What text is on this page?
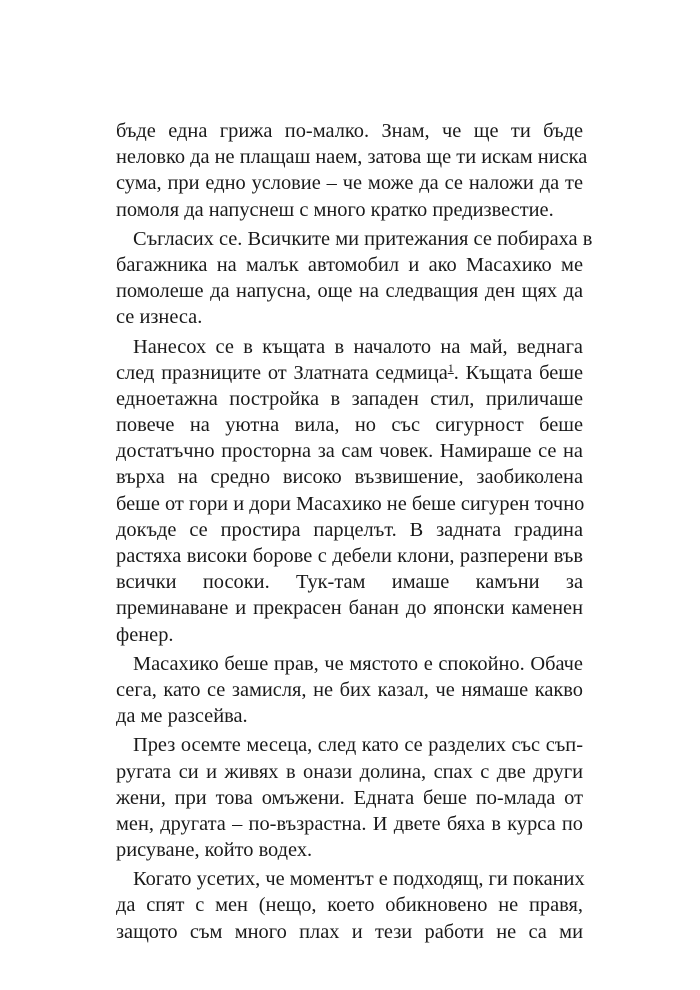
бъде една грижа по-малко. Знам, че ще ти бъде
неловко да не плащаш наем, затова ще ти искам ниска
сума, при едно условие – че може да се наложи да те
помоля да напуснеш с много кратко предизвестие.
Съгласих се. Всичките ми притежания се побираха в
багажника на малък автомобил и ако Масахико ме
помолеше да напусна, още на следващия ден щях да
се изнеса.
Нанесох се в къщата в началото на май, веднага
след празниците от Златната седмица$^1$. Къщата беше
едноетажна постройка в западен стил, приличаше
повече на уютна вила, но със сигурност беше
достатъчно просторна за сам човек. Намираше се на
върха на средно високо възвишение, заобиколена
беше от гори и дори Масахико не беше сигурен точно
докъде се простира парцелът. В задната градина
растяха високи борове с дебели клони, разперени във
всички посоки. Тук-там имаше камъни за
преминаване и прекрасен банан до японски каменен
фенер.
Масахико беше прав, че мястото е спокойно. Обаче
сега, като се замисля, не бих казал, че нямаше какво
да ме разсейва.
През осемте месеца, след като се разделих със съп-
ругата си и живях в онази долина, спах с две други
жени, при това омъжени. Едната беше по-млада от
мен, другата – по-възрастна. И двете бяха в курса по
рисуване, който водех.
Когато усетих, че моментът е подходящ, ги поканих
да спят с мен (нещо, което обикновено не правя,
защото съм много плах и тези работи не са ми
